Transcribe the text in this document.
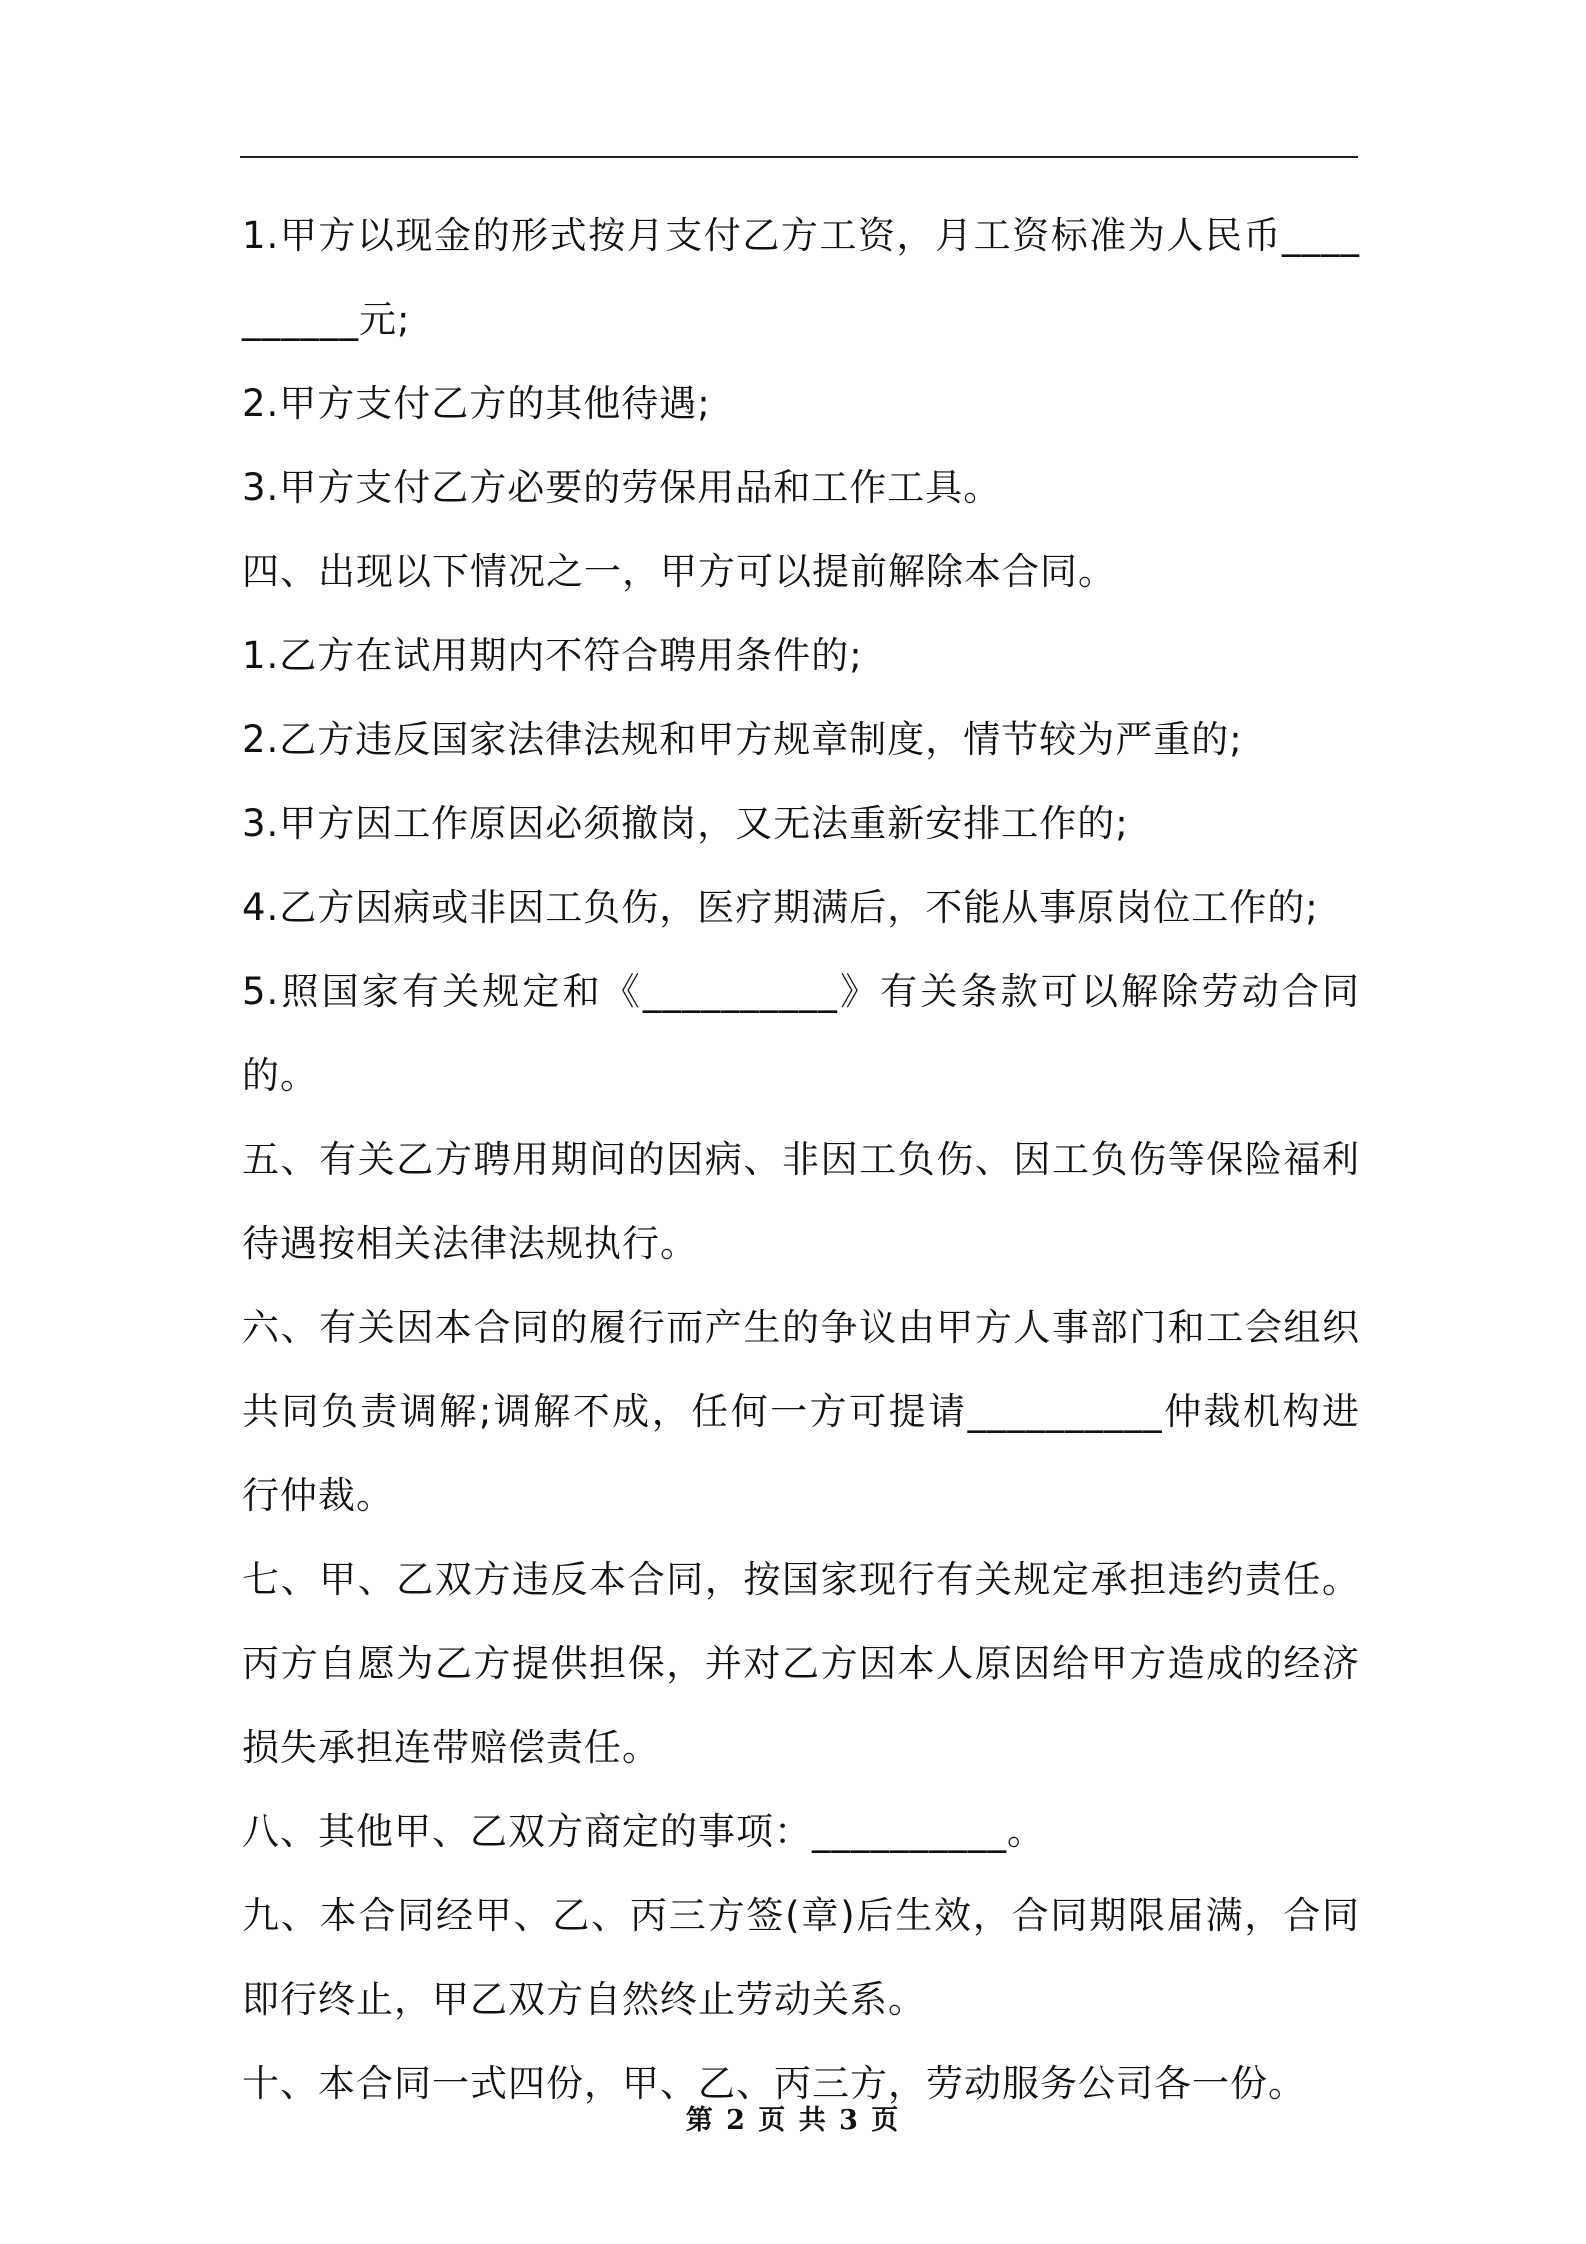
1.甲方以现金的形式按月支付乙方工资，月工资标准为人民币__________元;

2.甲方支付乙方的其他待遇;

3.甲方支付乙方必要的劳保用品和工作工具。

四、出现以下情况之一，甲方可以提前解除本合同。

1.乙方在试用期内不符合聘用条件的;

2.乙方违反国家法律法规和甲方规章制度，情节较为严重的;

3.甲方因工作原因必须撤岗，又无法重新安排工作的;

4.乙方因病或非因工负伤，医疗期满后，不能从事原岗位工作的;

5.照国家有关规定和《__________》有关条款可以解除劳动合同的。

五、有关乙方聘用期间的因病、非因工负伤、因工负伤等保险福利待遇按相关法律法规执行。

六、有关因本合同的履行而产生的争议由甲方人事部门和工会组织共同负责调解;调解不成，任何一方可提请__________仲裁机构进行仲裁。

七、甲、乙双方违反本合同，按国家现行有关规定承担违约责任。丙方自愿为乙方提供担保，并对乙方因本人原因给甲方造成的经济损失承担连带赔偿责任。

八、其他甲、乙双方商定的事项：__________。

九、本合同经甲、乙、丙三方签(章)后生效，合同期限届满，合同即行终止，甲乙双方自然终止劳动关系。

十、本合同一式四份，甲、乙、丙三方，劳动服务公司各一份。

第 2 页 共 3 页
